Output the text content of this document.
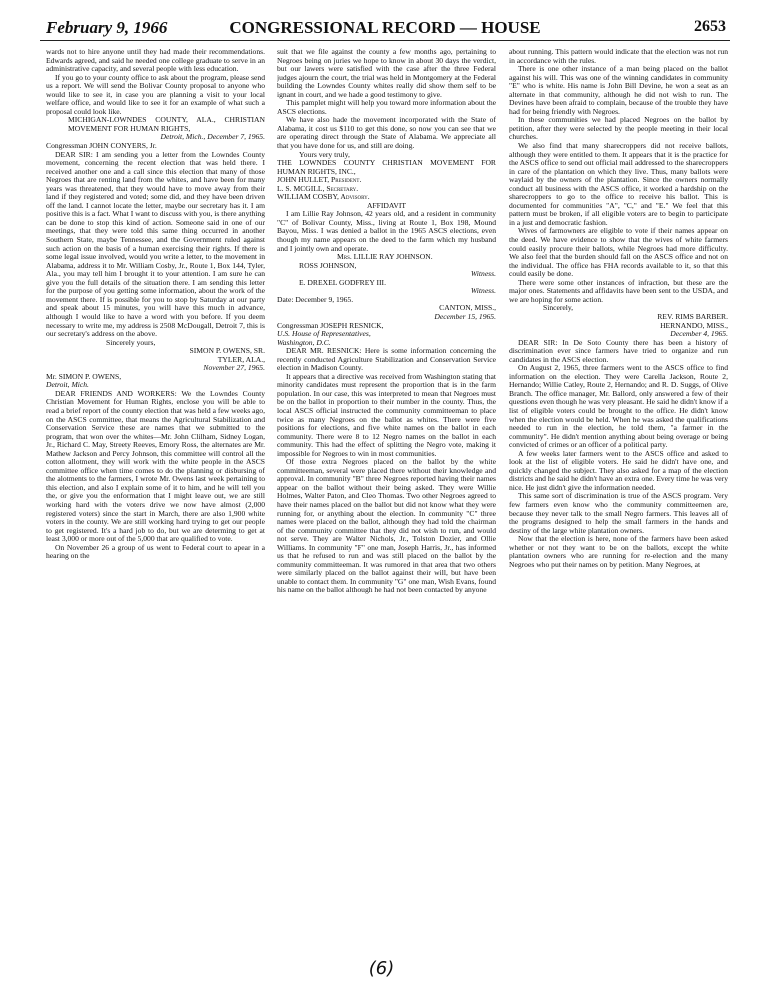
February 9, 1966	CONGRESSIONAL RECORD — HOUSE	2653

wards not to hire anyone until they had made their recommendations. Edwards agreed, and said he needed one college graduate to serve in an administrative capacity, and several people with less education.

If you go to your county office to ask about the program, please send us a report. We will send the Bolivar County proposal to anyone who would like to see it, in case you are planning a visit to your local welfare office, and would like to see it for an example of what such a proposal could look like.

MICHIGAN-LOWNDES COUNTY, ALA., CHRISTIAN MOVEMENT FOR HUMAN RIGHTS,

Detroit, Mich., December 7, 1965.

Congressman JOHN CONYERS, Jr.

DEAR SIR: I am sending you a letter from the Lowndes County movement, concerning the recent election that was held there. I received another one and a call since this election that many of those Negroes that are renting land from the whites, and have been for many years was threatened, that they would have to move away from their land if they registered and voted; some did, and they have been driven off the land. I cannot locate the letter, maybe our secretary has it. I am positive this is a fact. What I want to discuss with you, is there anything can be done to stop this kind of action. Someone said in one of our meetings, that they were told this same thing occurred in another Southern State, maybe Tennessee, and the Government ruled against such action on the basis of a human exercising their rights. If there is some legal issue involved, would you write a letter, to the movement in Alabama, address it to Mr. William Cosby, Jr., Route 1, Box 144, Tyler, Ala., you may tell him I brought it to your attention. I am sure he can give you the full details of the situation there. I am sending this letter for the purpose of you getting some information, about the work of the movement there. If is possible for you to stop by Saturday at our party and speak about 15 minutes, you will have this much in advance, although I would like to have a word with you before. If you deem necessary to write me, my address is 2508 McDougall, Detroit 7, this is our secretary's address on the above.

Sincerely yours,

SIMON P. OWENS, SR.

TYLER, ALA.,

November 27, 1965.

Mr. SIMON P. OWENS,

Detroit, Mich.

DEAR FRIENDS AND WORKERS: We the Lowndes County Christian Movement for Human Rights, enclose you will be able to read a brief report of the county election that was held a few weeks ago, on the ASCS committee, that means the Agricultural Stabilization and Conservation Service these are names that we submitted to the program, that won over the whites—Mr. John Clilham, Sidney Logan, Jr., Richard C. May, Streety Reeves, Emory Ross, the alternates are Mr. Mathew Jackson and Percy Johnson, this committee will control all the cotton allotment, they will work with the white people in the ASCS committee office when time comes to do the planning or disbursing of the alotments to the farmers, I wrote Mr. Owens last week pertaining to this election, and also I explain some of it to him, and he will tell you the, or give you the enformation that I might leave out, we are still working hard with the voters drive we now have almost (2,000 registered voters) since the start in March, there are also 1,900 white voters in the county. We are still working hard trying to get our people to get registered. It's a hard job to do, but we are determing to get at least 3,000 or more out of the 5,000 that are qualified to vote.

On November 26 a group of us went to Federal court to apear in a hearing on the

suit that we file against the county a few months ago, pertaining to Negroes being on juries we hope to know in about 30 days the verdict, but our lawers were satisfied with the case after the three Federal judges ajourn the court, the trial was held in Montgomery at the Federal building the Lowndes County whites really did show them self to be ignant in court, and we hade a good testimony to give.

This pamplet might will help you toward more information about the ASCS elections.

We have also hade the movement incorporated with the State of Alabama, it cost us $110 to get this done, so now you can see that we are operating direct through the State of Alabama. We appreciate all that you have done for us, and still are doing.

Yours very truly,

THE LOWNDES COUNTY CHRISTIAN MOVEMENT FOR HUMAN RIGHTS, INC.,

JOHN HULLET, President.

L. S. MCGILL, Secretary.

WILLIAM COSBY, Advisory.

AFFIDAVIT

I am Lillie Ray Johnson, 42 years old, and a resident in community "C" of Bolivar County, Miss., living at Route 1, Box 198, Mound Bayou, Miss. I was denied a ballot in the 1965 ASCS elections, even though my name appears on the deed to the farm which my husband and I jointly own and operate.

Mrs. LILLIE RAY JOHNSON.

ROSS JOHNSON,

Witness.

E. DREXEL GODFREY III.

Witness.

Date: December 9, 1965.

CANTON, MISS.,

December 15, 1965.

Congressman JOSEPH RESNICK,

U.S. House of Representatives,

Washington, D.C.

DEAR MR. RESNICK: Here is some information concerning the recently conducted Agriculture Stabilization and Conservation Service election in Madison County.

It appears that a directive was received from Washington stating that minority candidates must represent the proportion that is in the farm population. In our case, this was interpreted to mean that Negroes must be on the ballot in proportion to their number in the county. Thus, the local ASCS official instructed the community committeeman to place twice as many Negroes on the ballot as whites. There were five positions for elections, and five white names on the ballot in each community. There were 8 to 12 Negro names on the ballot in each community. This had the effect of splitting the Negro vote, making it impossible for Negroes to win in most communities.

Of those extra Negroes placed on the ballot by the white committeeman, several were placed there without their knowledge and approval. In community "B" three Negroes reported having their names appear on the ballot without their being asked. They were Willie Holmes, Walter Paton, and Cleo Thomas. Two other Negroes agreed to have their names placed on the ballot but did not know what they were running for, or anything about the election. In community "C" three names were placed on the ballot, although they had told the chairman of the community committee that they did not wish to run, and would not serve. They are Walter Nichols, Jr., Tolston Dozier, and Ollie Williams. In community "F" one man, Joseph Harris, Jr., has informed us that he refused to run and was still placed on the ballot by the community committeeman. It was rumored in that area that two others were similarly placed on the ballot against their will, but have been unable to contact them. In community "G" one man, Wish Evans, found his name on the ballot although he had not been contacted by anyone

about running. This pattern would indicate that the election was not run in accordance with the rules.

There is one other instance of a man being placed on the ballot against his will. This was one of the winning candidates in community "E" who is white. His name is John Bill Devine, he won a seat as an alternate in that community, although he did not wish to run. The Devines have been afraid to complain, because of the trouble they have had for being friendly with Negroes.

In these communities we had placed Negroes on the ballot by petition, after they were selected by the people meeting in their local churches.

We also find that many sharecroppers did not receive ballots, although they were entitled to them. It appears that it is the practice for the ASCS office to send out official mail addressed to the sharecroppers in care of the plantation on which they live. Thus, many ballots were waylaid by the owners of the plantation. Since the owners normally conduct all business with the ASCS office, it worked a hardship on the sharecroppers to go to the office to receive his ballot. This is documented for communities "A", "C," and "E." We feel that this pattern must be broken, if all eligible voters are to begin to participate in a just and democratic fashion.

Wives of farmowners are eligible to vote if their names appear on the deed. We have evidence to show that the wives of white farmers could easily procure their ballots, while Negroes had more difficulty. We also feel that the burden should fall on the ASCS office and not on the individual. The office has FHA records available to it, so that this could easily be done.

There were some other instances of infraction, but these are the major ones. Statements and affidavits have been sent to the USDA, and we are hoping for some action.

Sincerely,

REV. RIMS BARBER.

HERNANDO, MISS.,

December 4, 1965.

DEAR SIR: In De Soto County there has been a history of discrimination ever since farmers have tried to organize and run candidates in the ASCS election.

On August 2, 1965, three farmers went to the ASCS office to find information on the election. They were Carella Jackson, Route 2, Hernando; Willie Catley, Route 2, Hernando; and R. D. Suggs, of Olive Branch. The office manager, Mr. Ballord, only answered a few of their questions even though he was very pleasant. He said he didn't know if a list of eligible voters could be brought to the office. He didn't know when the election would be held. When he was asked the qualifications needed to run in the election, he told them, "a farmer in the community". He didn't mention anything about being overage or being convicted of crimes or an officer of a political party.

A few weeks later farmers went to the ASCS office and asked to look at the list of eligible voters. He said he didn't have one, and quickly changed the subject. They also asked for a map of the election districts and he said he didn't have an extra one. Every time he was very nice. He just didn't give the information needed.

This same sort of discrimination is true of the ASCS program. Very few farmers even know who the community committeemen are, because they never talk to the small Negro farmers. This leaves all of the programs designed to help the small farmers in the hands and destiny of the large white plantation owners.

Now that the election is here, none of the farmers have been asked whether or not they want to be on the ballots, except the white plantation owners who are running for re-election and the many Negroes who put their names on by petition. Many Negroes, at

(6)
